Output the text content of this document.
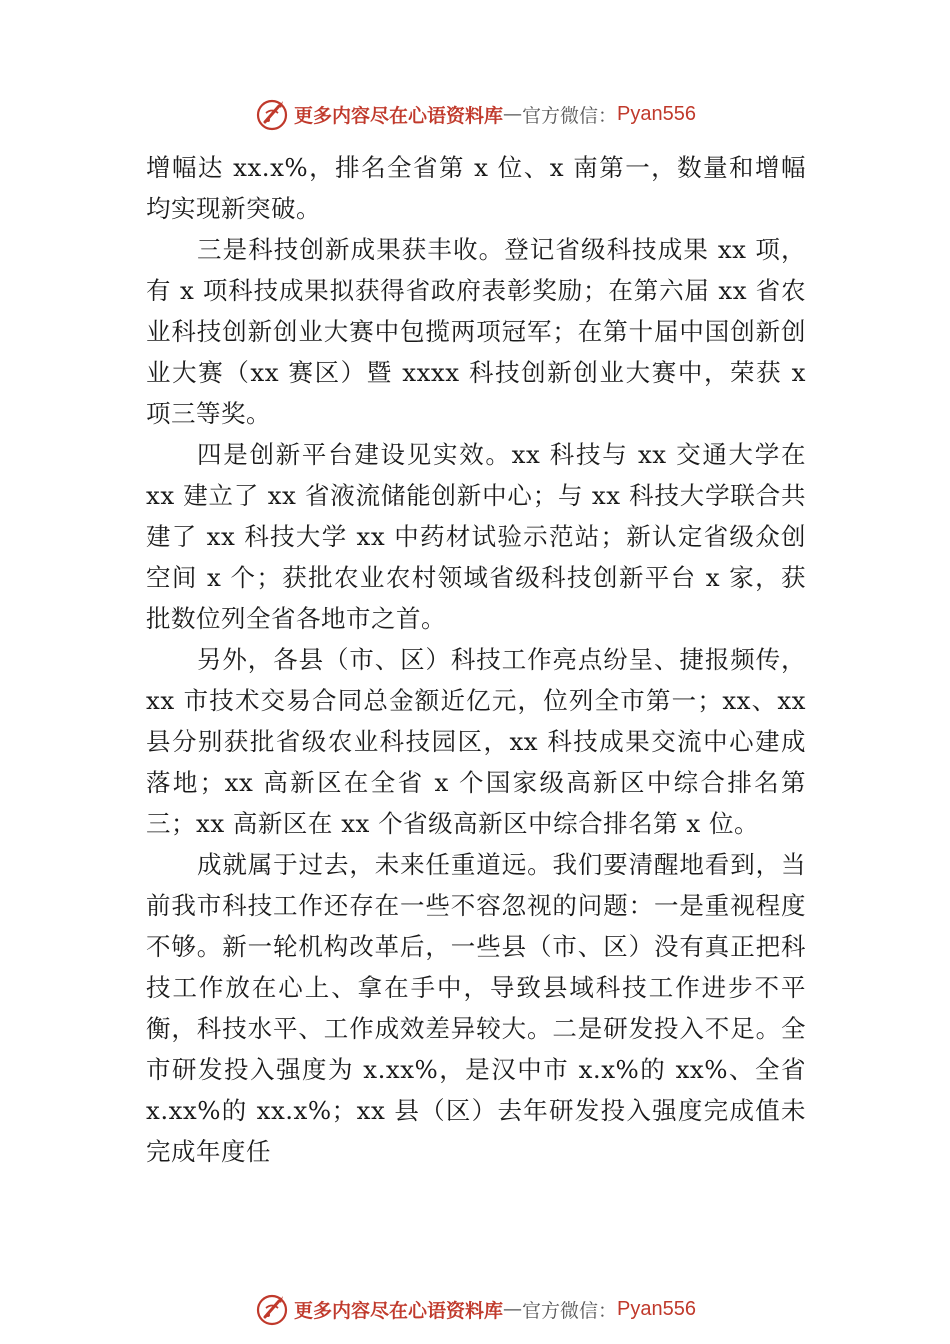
更多内容尽在心语资料库 — 官方微信： Pyan556

增幅达 xx.x%，排名全省第 x 位、x 南第一，数量和增幅均实现新突破。

三是科技创新成果获丰收。登记省级科技成果 xx 项，有 x 项科技成果拟获得省政府表彰奖励；在第六届 xx 省农业科技创新创业大赛中包揽两项冠军；在第十届中国创新创业大赛（xx 赛区）暨 xxxx 科技创新创业大赛中，荣获 x 项三等奖。

四是创新平台建设见实效。xx 科技与 xx 交通大学在 xx 建立了 xx 省液流储能创新中心；与 xx 科技大学联合共建了 xx 科技大学 xx 中药材试验示范站；新认定省级众创空间 x 个；获批农业农村领域省级科技创新平台 x 家，获批数位列全省各地市之首。

另外，各县（市、区）科技工作亮点纷呈、捷报频传，xx 市技术交易合同总金额近亿元，位列全市第一；xx、xx 县分别获批省级农业科技园区，xx 科技成果交流中心建成落地；xx 高新区在全省 x 个国家级高新区中综合排名第三；xx 高新区在 xx 个省级高新区中综合排名第 x 位。

成就属于过去，未来任重道远。我们要清醒地看到，当前我市科技工作还存在一些不容忽视的问题：一是重视程度不够。新一轮机构改革后，一些县（市、区）没有真正把科技工作放在心上、拿在手中，导致县域科技工作进步不平衡，科技水平、工作成效差异较大。二是研发投入不足。全市研发投入强度为 x.xx%，是汉中市 x.x%的 xx%、全省 x.xx%的 xx.x%；xx 县（区）去年研发投入强度完成值未完成年度任

更多内容尽在心语资料库 — 官方微信： Pyan556
